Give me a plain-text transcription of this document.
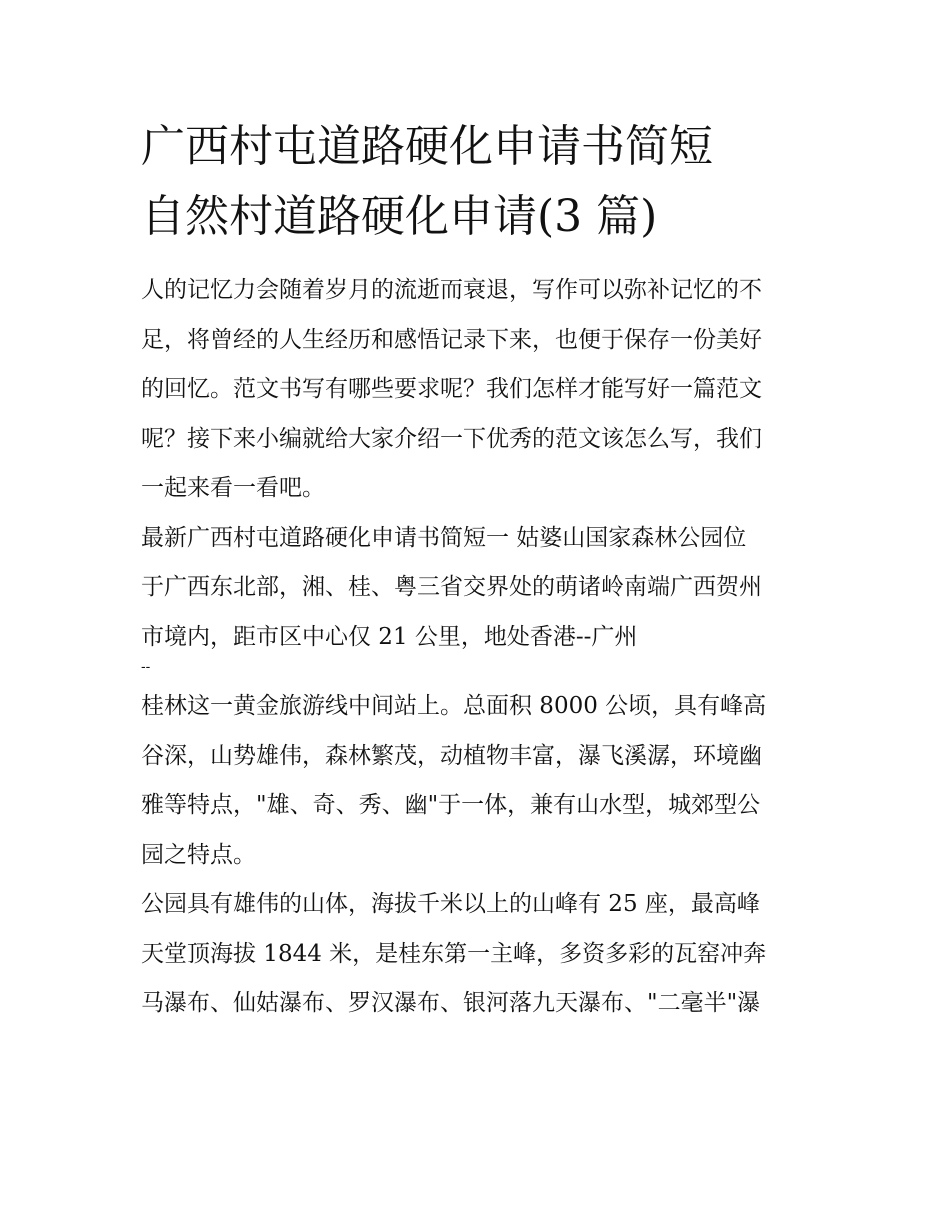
广西村屯道路硬化申请书简短
自然村道路硬化申请(3 篇)

人的记忆力会随着岁月的流逝而衰退，写作可以弥补记忆的不
足，将曾经的人生经历和感悟记录下来，也便于保存一份美好
的回忆。范文书写有哪些要求呢？我们怎样才能写好一篇范文
呢？接下来小编就给大家介绍一下优秀的范文该怎么写，我们
一起来看一看吧。

最新广西村屯道路硬化申请书简短一 姑婆山国家森林公园位
于广西东北部，湘、桂、粤三省交界处的萌诸岭南端广西贺州
市境内，距市区中心仅 21 公里，地处香港--广州

--

桂林这一黄金旅游线中间站上。总面积 8000 公顷，具有峰高
谷深，山势雄伟，森林繁茂，动植物丰富，瀑飞溪潺，环境幽
雅等特点，"雄、奇、秀、幽"于一体，兼有山水型，城郊型公
园之特点。

公园具有雄伟的山体，海拔千米以上的山峰有 25 座，最高峰
天堂顶海拔 1844 米，是桂东第一主峰，多资多彩的瓦窑冲奔
马瀑布、仙姑瀑布、罗汉瀑布、银河落九天瀑布、"二毫半"瀑
